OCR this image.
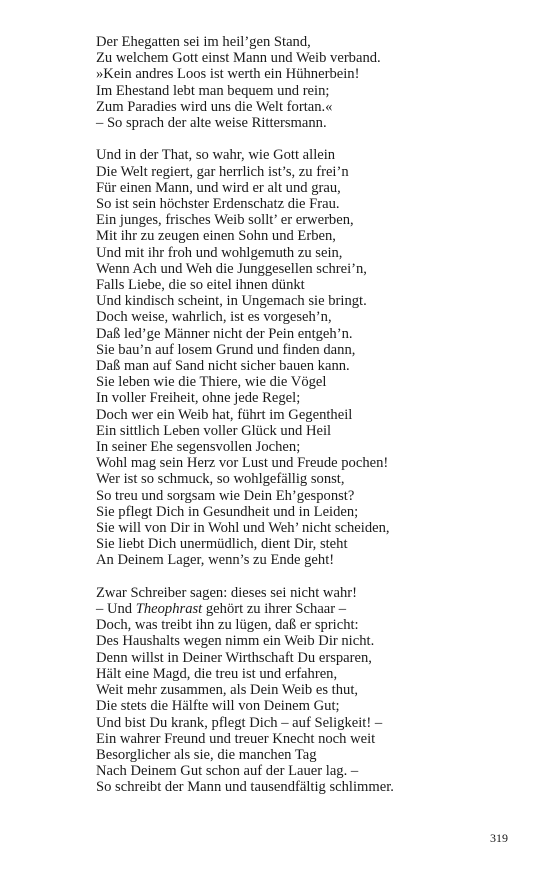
Der Ehegatten sei im heil’gen Stand,
Zu welchem Gott einst Mann und Weib verband.
»Kein andres Loos ist werth ein Hühnerbein!
Im Ehestand lebt man bequem und rein;
Zum Paradies wird uns die Welt fortan.«
– So sprach der alte weise Rittersmann.
Und in der That, so wahr, wie Gott allein
Die Welt regiert, gar herrlich ist’s, zu frei’n
Für einen Mann, und wird er alt und grau,
So ist sein höchster Erdenschatz die Frau.
Ein junges, frisches Weib sollt’ er erwerben,
Mit ihr zu zeugen einen Sohn und Erben,
Und mit ihr froh und wohlgemuth zu sein,
Wenn Ach und Weh die Junggesellen schrei’n,
Falls Liebe, die so eitel ihnen dünkt
Und kindisch scheint, in Ungemach sie bringt.
Doch weise, wahrlich, ist es vorgeseh’n,
Daß led’ge Männer nicht der Pein entgeh’n.
Sie bau’n auf losem Grund und finden dann,
Daß man auf Sand nicht sicher bauen kann.
Sie leben wie die Thiere, wie die Vögel
In voller Freiheit, ohne jede Regel;
Doch wer ein Weib hat, führt im Gegentheil
Ein sittlich Leben voller Glück und Heil
In seiner Ehe segensvollen Jochen;
Wohl mag sein Herz vor Lust und Freude pochen!
Wer ist so schmuck, so wohlgefällig sonst,
So treu und sorgsam wie Dein Eh’gesponst?
Sie pflegt Dich in Gesundheit und in Leiden;
Sie will von Dir in Wohl und Weh’ nicht scheiden,
Sie liebt Dich unermüdlich, dient Dir, steht
An Deinem Lager, wenn’s zu Ende geht!
Zwar Schreiber sagen: dieses sei nicht wahr!
– Und Theophrast gehört zu ihrer Schaar –
Doch, was treibt ihn zu lügen, daß er spricht:
Des Haushalts wegen nimm ein Weib Dir nicht.
Denn willst in Deiner Wirthschaft Du ersparen,
Hält eine Magd, die treu ist und erfahren,
Weit mehr zusammen, als Dein Weib es thut,
Die stets die Hälfte will von Deinem Gut;
Und bist Du krank, pflegt Dich – auf Seligkeit! –
Ein wahrer Freund und treuer Knecht noch weit
Besorglicher als sie, die manchen Tag
Nach Deinem Gut schon auf der Lauer lag. –
So schreibt der Mann und tausendfältig schlimmer.
319
